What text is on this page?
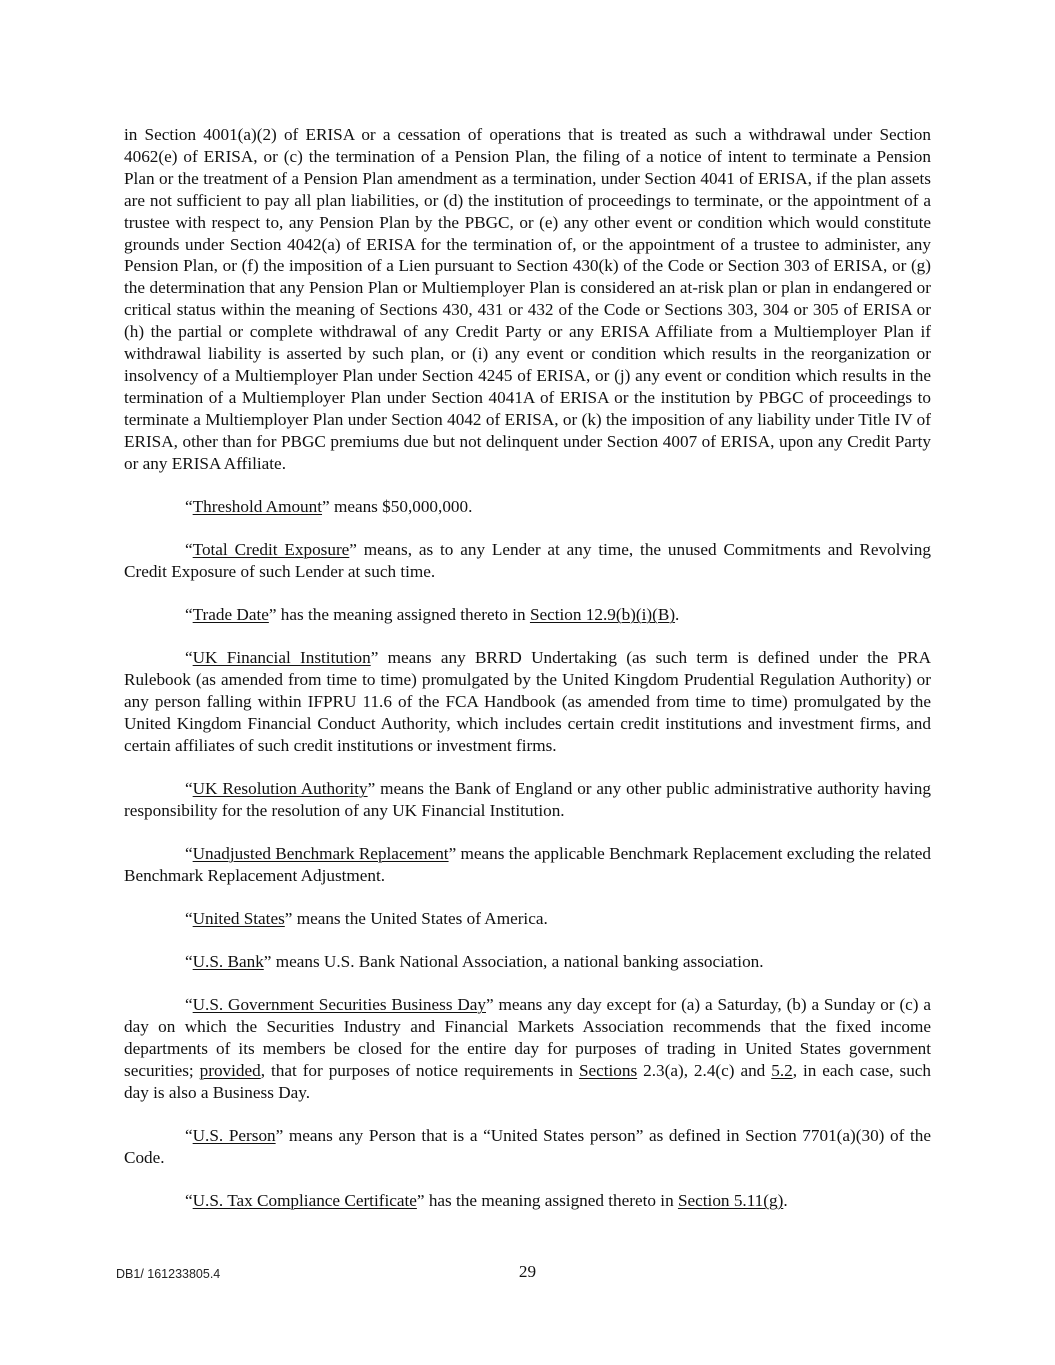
in Section 4001(a)(2) of ERISA or a cessation of operations that is treated as such a withdrawal under Section 4062(e) of ERISA, or (c) the termination of a Pension Plan, the filing of a notice of intent to terminate a Pension Plan or the treatment of a Pension Plan amendment as a termination, under Section 4041 of ERISA, if the plan assets are not sufficient to pay all plan liabilities, or (d) the institution of proceedings to terminate, or the appointment of a trustee with respect to, any Pension Plan by the PBGC, or (e) any other event or condition which would constitute grounds under Section 4042(a) of ERISA for the termination of, or the appointment of a trustee to administer, any Pension Plan, or (f) the imposition of a Lien pursuant to Section 430(k) of the Code or Section 303 of ERISA, or (g) the determination that any Pension Plan or Multiemployer Plan is considered an at-risk plan or plan in endangered or critical status within the meaning of Sections 430, 431 or 432 of the Code or Sections 303, 304 or 305 of ERISA or (h) the partial or complete withdrawal of any Credit Party or any ERISA Affiliate from a Multiemployer Plan if withdrawal liability is asserted by such plan, or (i) any event or condition which results in the reorganization or insolvency of a Multiemployer Plan under Section 4245 of ERISA, or (j) any event or condition which results in the termination of a Multiemployer Plan under Section 4041A of ERISA or the institution by PBGC of proceedings to terminate a Multiemployer Plan under Section 4042 of ERISA, or (k) the imposition of any liability under Title IV of ERISA, other than for PBGC premiums due but not delinquent under Section 4007 of ERISA, upon any Credit Party or any ERISA Affiliate.

“Threshold Amount” means $50,000,000.

“Total Credit Exposure” means, as to any Lender at any time, the unused Commitments and Revolving Credit Exposure of such Lender at such time.

“Trade Date” has the meaning assigned thereto in Section 12.9(b)(i)(B).

“UK Financial Institution” means any BRRD Undertaking (as such term is defined under the PRA Rulebook (as amended from time to time) promulgated by the United Kingdom Prudential Regulation Authority) or any person falling within IFPRU 11.6 of the FCA Handbook (as amended from time to time) promulgated by the United Kingdom Financial Conduct Authority, which includes certain credit institutions and investment firms, and certain affiliates of such credit institutions or investment firms.

“UK Resolution Authority” means the Bank of England or any other public administrative authority having responsibility for the resolution of any UK Financial Institution.

“Unadjusted Benchmark Replacement” means the applicable Benchmark Replacement excluding the related Benchmark Replacement Adjustment.

“United States” means the United States of America.

“U.S. Bank” means U.S. Bank National Association, a national banking association.

“U.S. Government Securities Business Day” means any day except for (a) a Saturday, (b) a Sunday or (c) a day on which the Securities Industry and Financial Markets Association recommends that the fixed income departments of its members be closed for the entire day for purposes of trading in United States government securities; provided, that for purposes of notice requirements in Sections 2.3(a), 2.4(c) and 5.2, in each case, such day is also a Business Day.

“U.S. Person” means any Person that is a “United States person” as defined in Section 7701(a)(30) of the Code.

“U.S. Tax Compliance Certificate” has the meaning assigned thereto in Section 5.11(g).

DB1/ 161233805.4	29
